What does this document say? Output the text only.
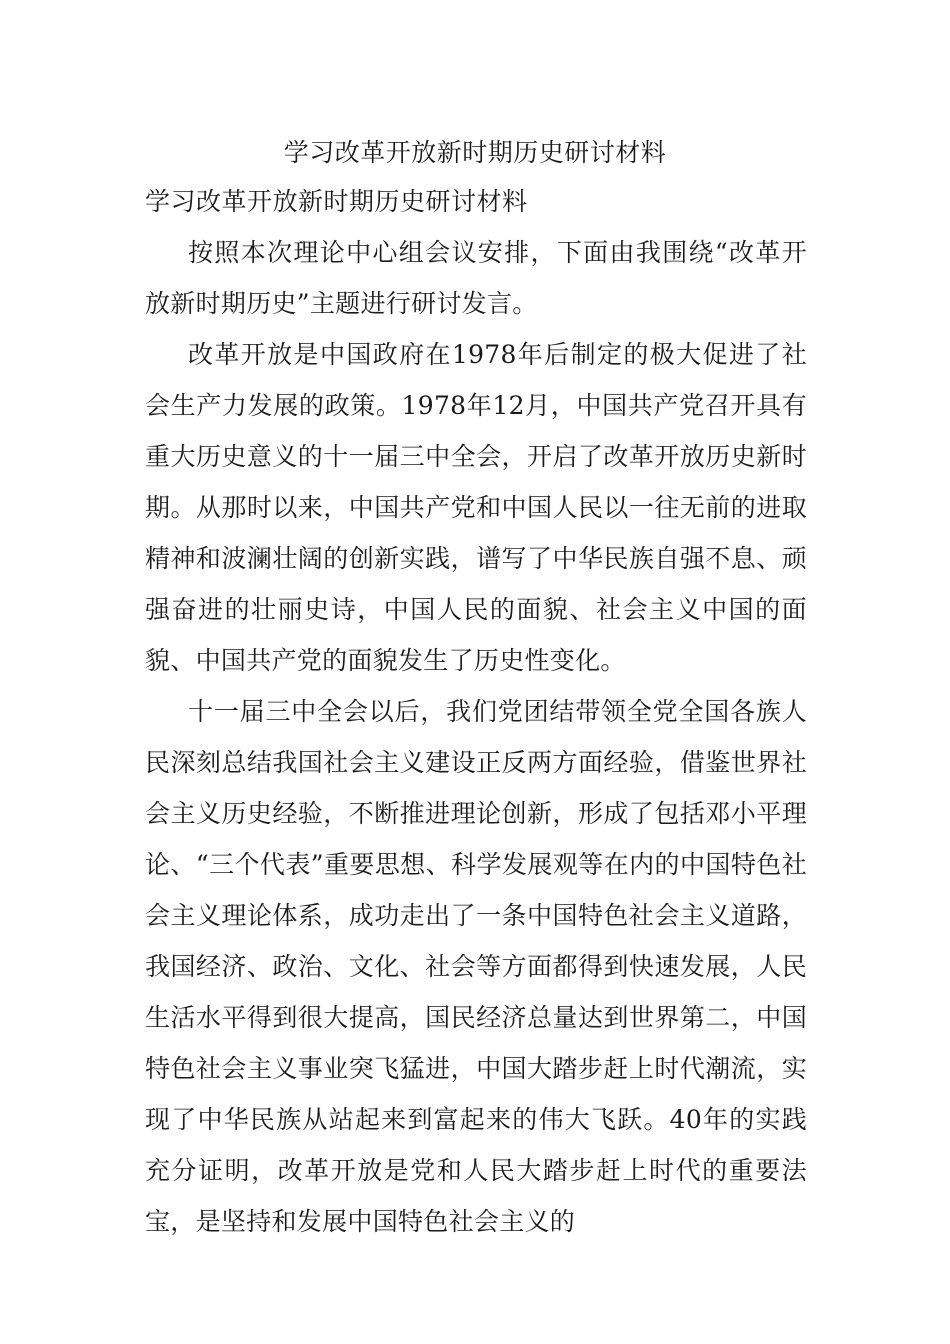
学习改革开放新时期历史研讨材料

学习改革开放新时期历史研讨材料

按照本次理论中心组会议安排，下面由我围绕“改革开放新时期历史”主题进行研讨发言。

改革开放是中国政府在1978年后制定的极大促进了社会生产力发展的政策。1978年12月，中国共产党召开具有重大历史意义的十一届三中全会，开启了改革开放历史新时期。从那时以来，中国共产党和中国人民以一往无前的进取精神和波澜壮阔的创新实践，谱写了中华民族自强不息、顽强奋进的壮丽史诗，中国人民的面貌、社会主义中国的面貌、中国共产党的面貌发生了历史性变化。

十一届三中全会以后，我们党团结带领全党全国各族人民深刻总结我国社会主义建设正反两方面经验，借鉴世界社会主义历史经验，不断推进理论创新，形成了包括邓小平理论、“三个代表”重要思想、科学发展观等在内的中国特色社会主义理论体系，成功走出了一条中国特色社会主义道路，我国经济、政治、文化、社会等方面都得到快速发展，人民生活水平得到很大提高，国民经济总量达到世界第二，中国特色社会主义事业突飞猛进，中国大踏步赶上时代潮流，实现了中华民族从站起来到富起来的伟大飞跃。40年的实践充分证明，改革开放是党和人民大踏步赶上时代的重要法宝，是坚持和发展中国特色社会主义的
